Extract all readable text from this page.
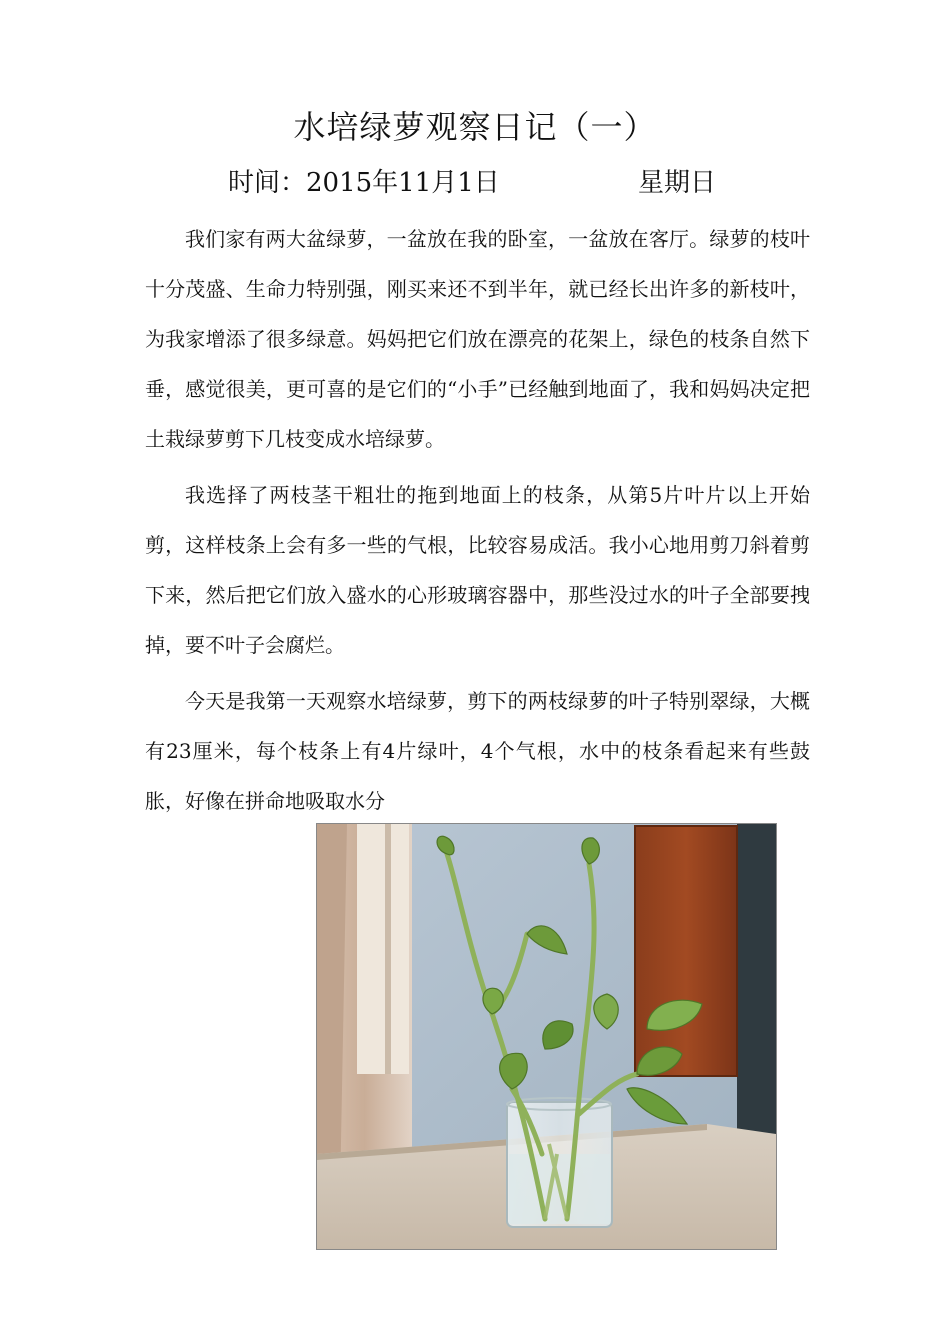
水培绿萝观察日记（一）
时间：2015年11月1日	星期日

我们家有两大盆绿萝，一盆放在我的卧室，一盆放在客厅。绿萝的枝叶十分茂盛、生命力特别强，刚买来还不到半年，就已经长出许多的新枝叶，为我家增添了很多绿意。妈妈把它们放在漂亮的花架上，绿色的枝条自然下垂，感觉很美，更可喜的是它们的“小手”已经触到地面了，我和妈妈决定把土栽绿萝剪下几枝变成水培绿萝。

我选择了两枝茎干粗壮的拖到地面上的枝条，从第5片叶片以上开始剪，这样枝条上会有多一些的气根，比较容易成活。我小心地用剪刀斜着剪下来，然后把它们放入盛水的心形玻璃容器中，那些没过水的叶子全部要拽掉，要不叶子会腐烂。

今天是我第一天观察水培绿萝，剪下的两枝绿萝的叶子特别翠绿，大概有23厘米，每个枝条上有4片绿叶，4个气根，水中的枝条看起来有些鼓胀，好像在拼命地吸取水分
